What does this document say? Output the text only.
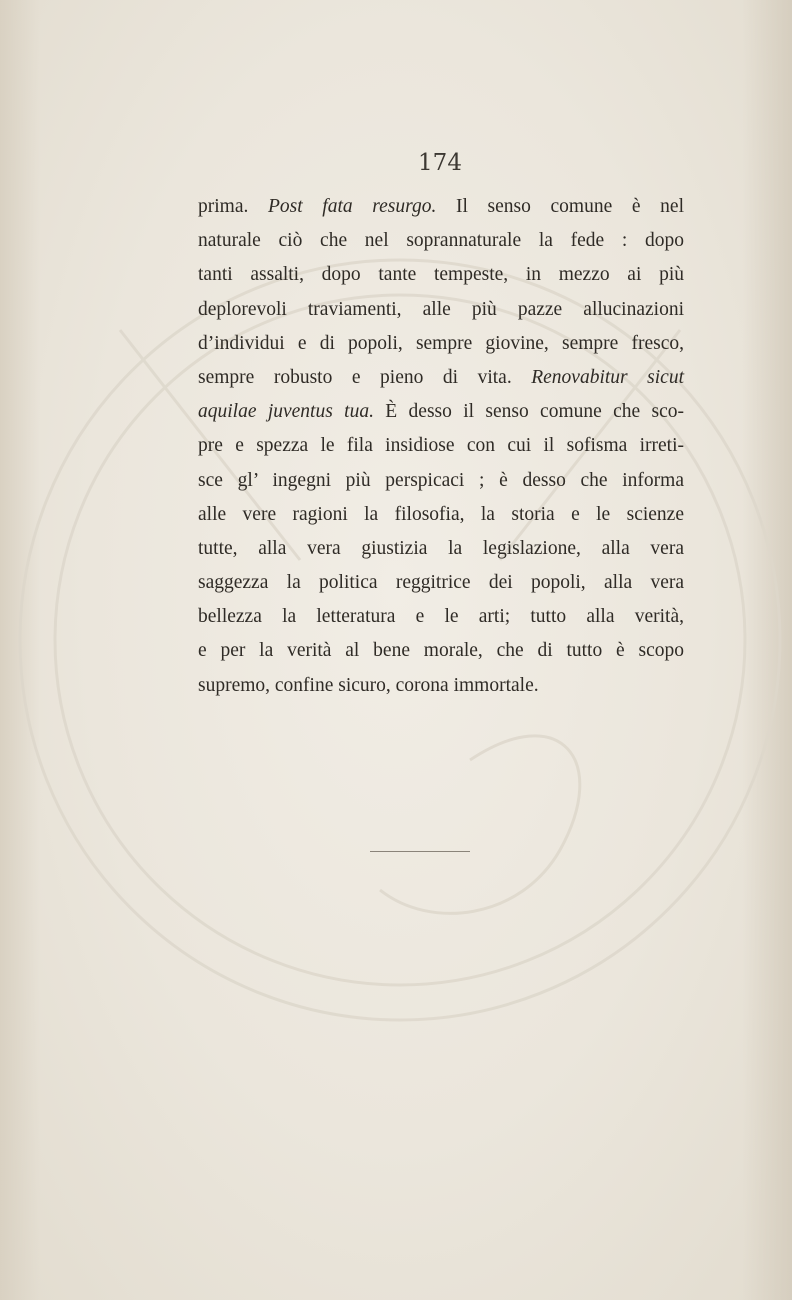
174
prima. Post fata resurgo. Il senso comune è nel
naturale ciò che nel soprannaturale la fede : dopo
tanti assalti, dopo tante tempeste, in mezzo ai più
deplorevoli traviamenti, alle più pazze allucinazioni
d’individui e di popoli, sempre giovine, sempre fresco,
sempre robusto e pieno di vita. Renovabitur sicut
aquilae juventus tua. È desso il senso comune che sco-
pre e spezza le fila insidiose con cui il sofisma irreti-
sce gl’ ingegni più perspicaci ; è desso che informa
alle vere ragioni la filosofia, la storia e le scienze
tutte, alla vera giustizia la legislazione, alla vera
saggezza la politica reggitrice dei popoli, alla vera
bellezza la letteratura e le arti; tutto alla verità,
e per la verità al bene morale, che di tutto è scopo
supremo, confine sicuro, corona immortale.
